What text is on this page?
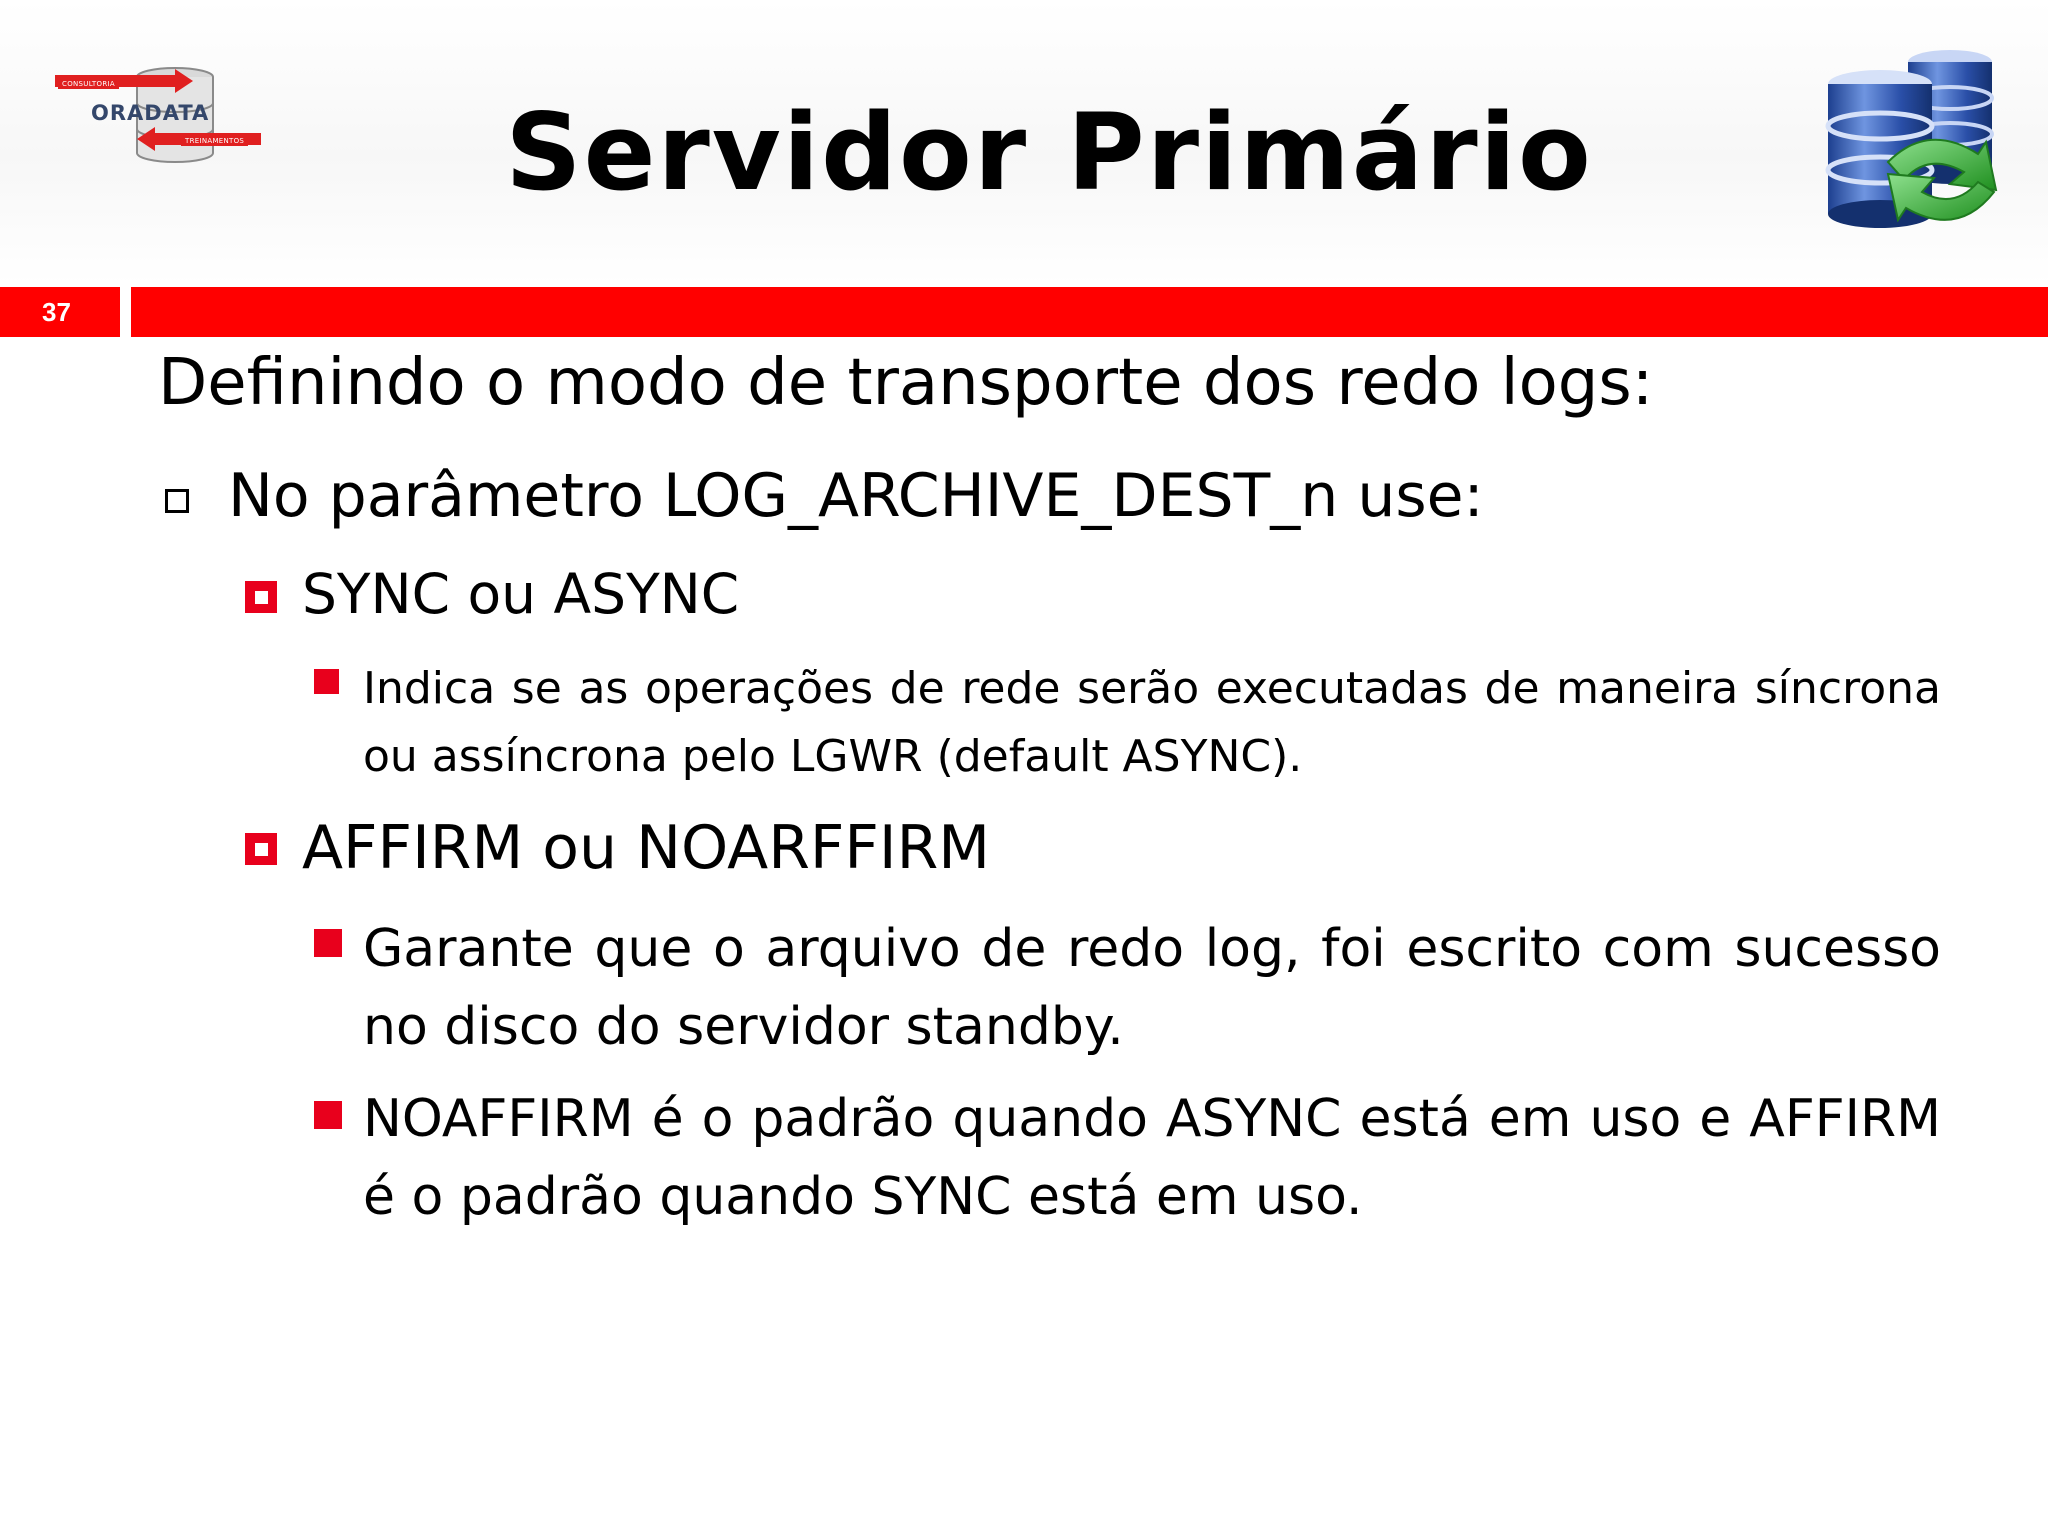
CONSULTORIA
ORADATA
TREINAMENTOS	Servidor Primário
37
Definindo o modo de transporte dos redo logs:
No parâmetro LOG_ARCHIVE_DEST_n use:
SYNC ou ASYNC
Indica se as operações de rede serão executadas de maneira síncrona ou assíncrona pelo LGWR (default ASYNC).
AFFIRM ou NOARFFIRM
Garante que o arquivo de redo log, foi escrito com sucesso no disco do servidor standby.
NOAFFIRM é o padrão quando ASYNC está em uso e AFFIRM é o padrão quando SYNC está em uso.
